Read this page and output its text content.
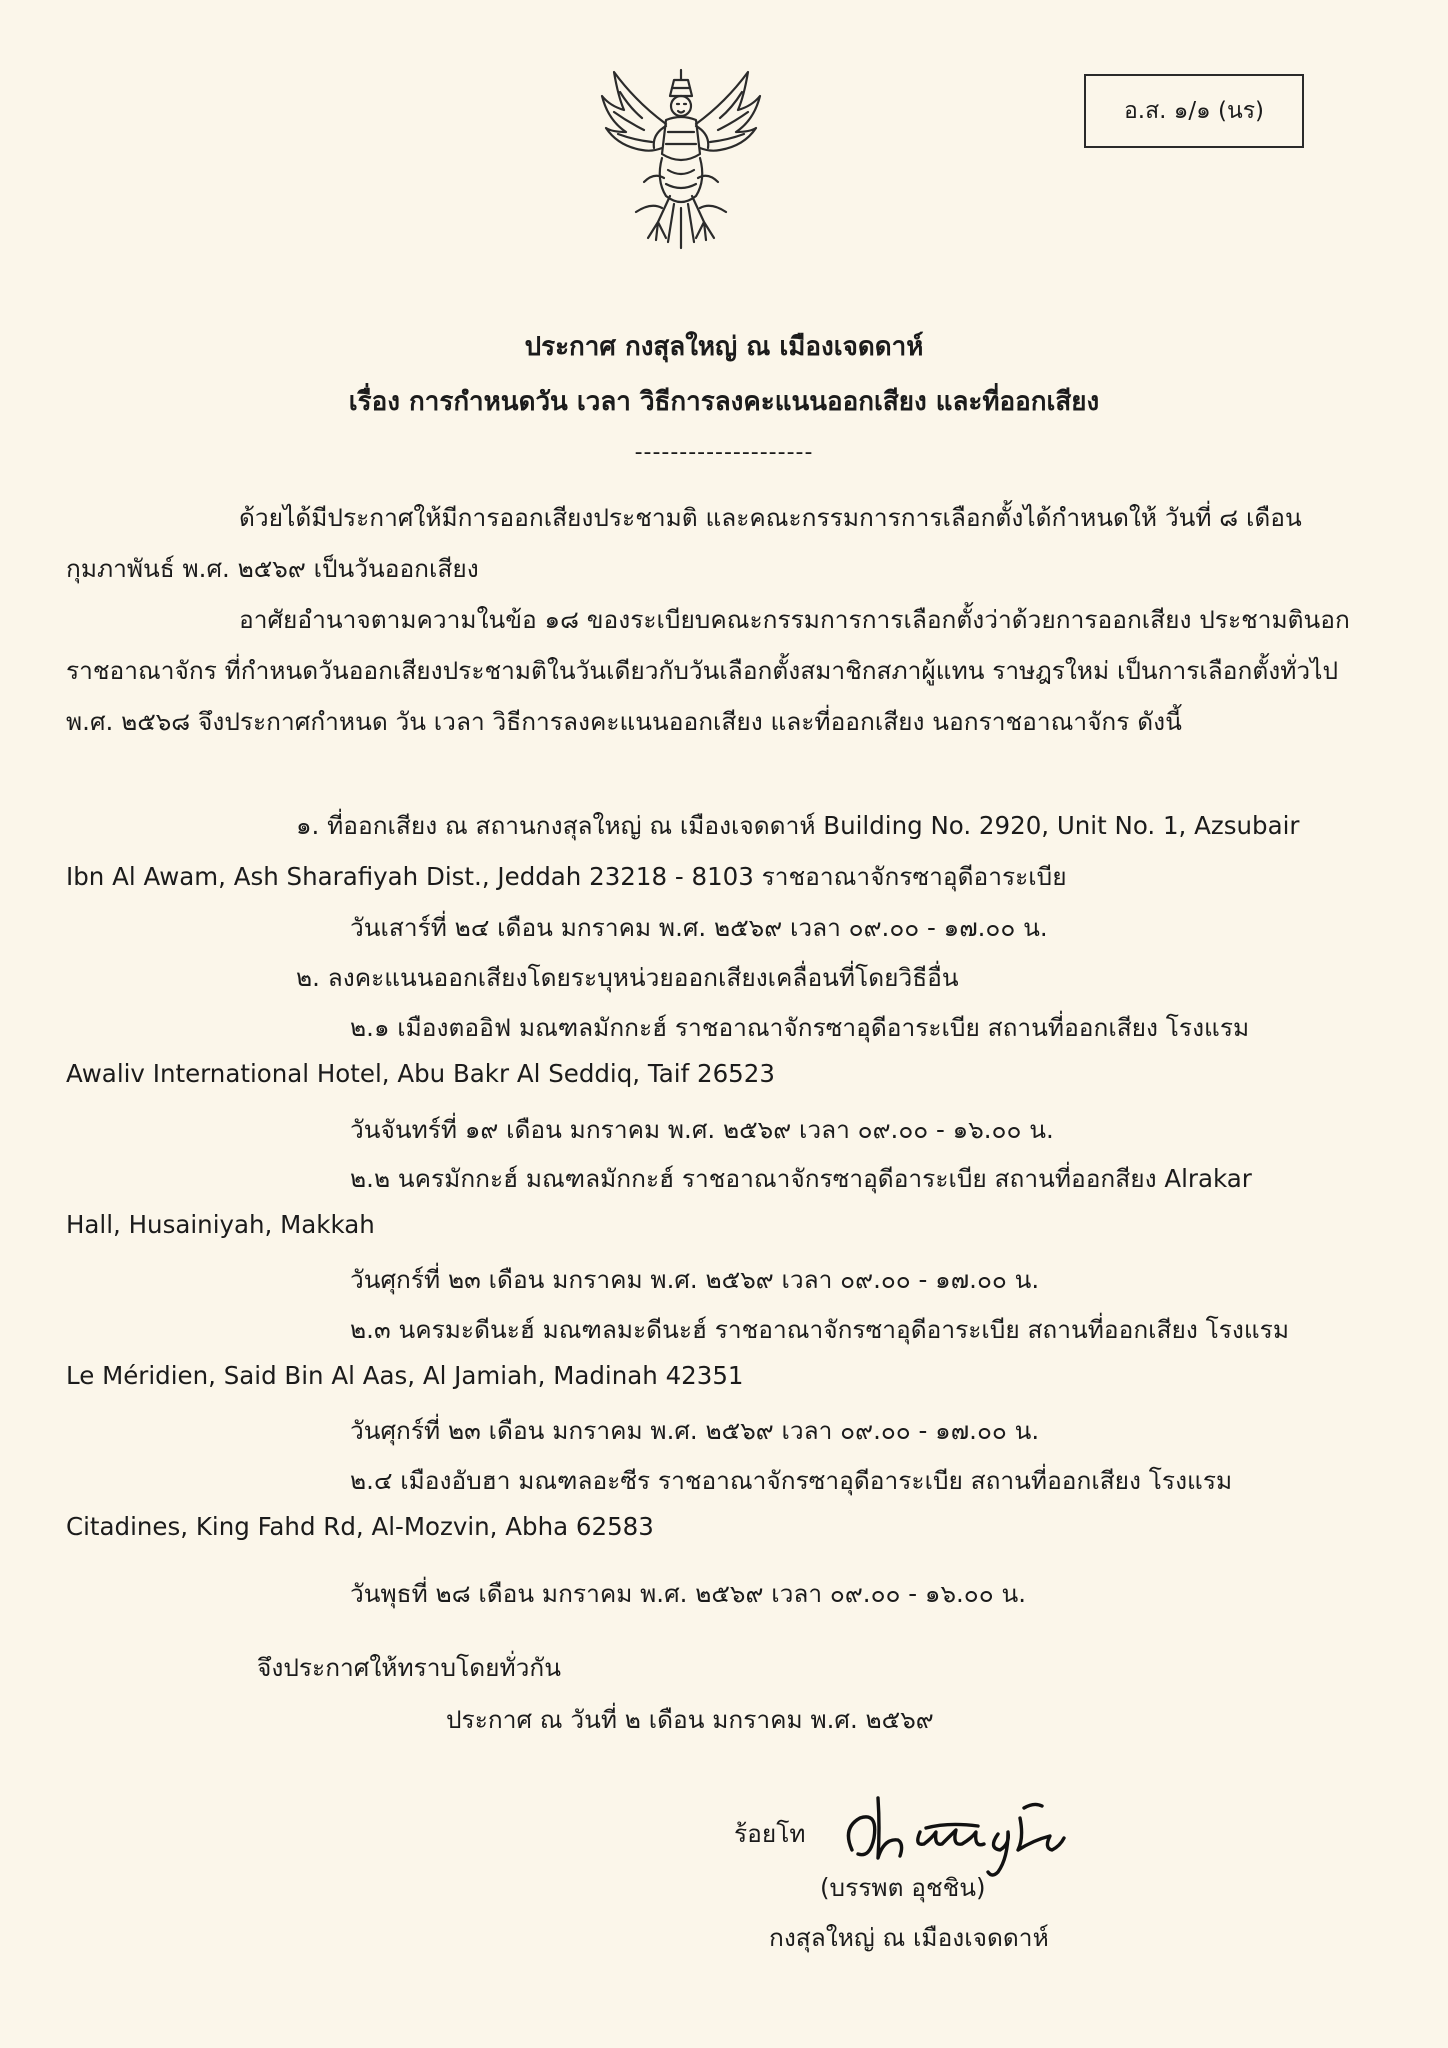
อ.ส. ๑/๑ (นร)
ประกาศ กงสุลใหญ่ ณ เมืองเจดดาห์
เรื่อง การกำหนดวัน เวลา วิธีการลงคะแนนออกเสียง และที่ออกเสียง
--------------------

ด้วยได้มีประกาศให้มีการออกเสียงประชามติ และคณะกรรมการการเลือกตั้งได้กำหนดให้ วันที่ ๘ เดือน กุมภาพันธ์ พ.ศ. ๒๕๖๙ เป็นวันออกเสียง

อาศัยอำนาจตามความในข้อ ๑๘ ของระเบียบคณะกรรมการการเลือกตั้งว่าด้วยการออกเสียง ประชามตินอกราชอาณาจักร ที่กำหนดวันออกเสียงประชามติในวันเดียวกับวันเลือกตั้งสมาชิกสภาผู้แทน ราษฎรใหม่ เป็นการเลือกตั้งทั่วไป พ.ศ. ๒๕๖๘ จึงประกาศกำหนด วัน เวลา วิธีการลงคะแนนออกเสียง และที่ออกเสียง นอกราชอาณาจักร ดังนี้

๑. ที่ออกเสียง ณ สถานกงสุลใหญ่ ณ เมืองเจดดาห์ Building No. 2920, Unit No. 1, Azsubair
Ibn Al Awam, Ash Sharafiyah Dist., Jeddah 23218 - 8103 ราชอาณาจักรซาอุดีอาระเบีย
วันเสาร์ที่ ๒๔ เดือน มกราคม พ.ศ. ๒๕๖๙ เวลา ๐๙.๐๐ - ๑๗.๐๐ น.
๒. ลงคะแนนออกเสียงโดยระบุหน่วยออกเสียงเคลื่อนที่โดยวิธีอื่น
๒.๑ เมืองตออิฟ มณฑลมักกะฮ์ ราชอาณาจักรซาอุดีอาระเบีย สถานที่ออกเสียง โรงแรม
Awaliv International Hotel, Abu Bakr Al Seddiq, Taif 26523
วันจันทร์ที่ ๑๙ เดือน มกราคม พ.ศ. ๒๕๖๙ เวลา ๐๙.๐๐ - ๑๖.๐๐ น.
๒.๒ นครมักกะฮ์ มณฑลมักกะฮ์ ราชอาณาจักรซาอุดีอาระเบีย สถานที่ออกสียง Alrakar
Hall, Husainiyah, Makkah
วันศุกร์ที่ ๒๓ เดือน มกราคม พ.ศ. ๒๕๖๙ เวลา ๐๙.๐๐ - ๑๗.๐๐ น.
๒.๓ นครมะดีนะฮ์ มณฑลมะดีนะฮ์ ราชอาณาจักรซาอุดีอาระเบีย สถานที่ออกเสียง โรงแรม
Le Méridien, Said Bin Al Aas, Al Jamiah, Madinah 42351
วันศุกร์ที่ ๒๓ เดือน มกราคม พ.ศ. ๒๕๖๙ เวลา ๐๙.๐๐ - ๑๗.๐๐ น.
๒.๔ เมืองอับฮา มณฑลอะซีร ราชอาณาจักรซาอุดีอาระเบีย สถานที่ออกเสียง โรงแรม
Citadines, King Fahd Rd, Al-Mozvin, Abha 62583
วันพุธที่ ๒๘ เดือน มกราคม พ.ศ. ๒๕๖๙ เวลา ๐๙.๐๐ - ๑๖.๐๐ น.
จึงประกาศให้ทราบโดยทั่วกัน
ประกาศ ณ วันที่ ๒ เดือน มกราคม พ.ศ. ๒๕๖๙
ร้อยโท
(บรรพต อุชชิน)
กงสุลใหญ่ ณ เมืองเจดดาห์
